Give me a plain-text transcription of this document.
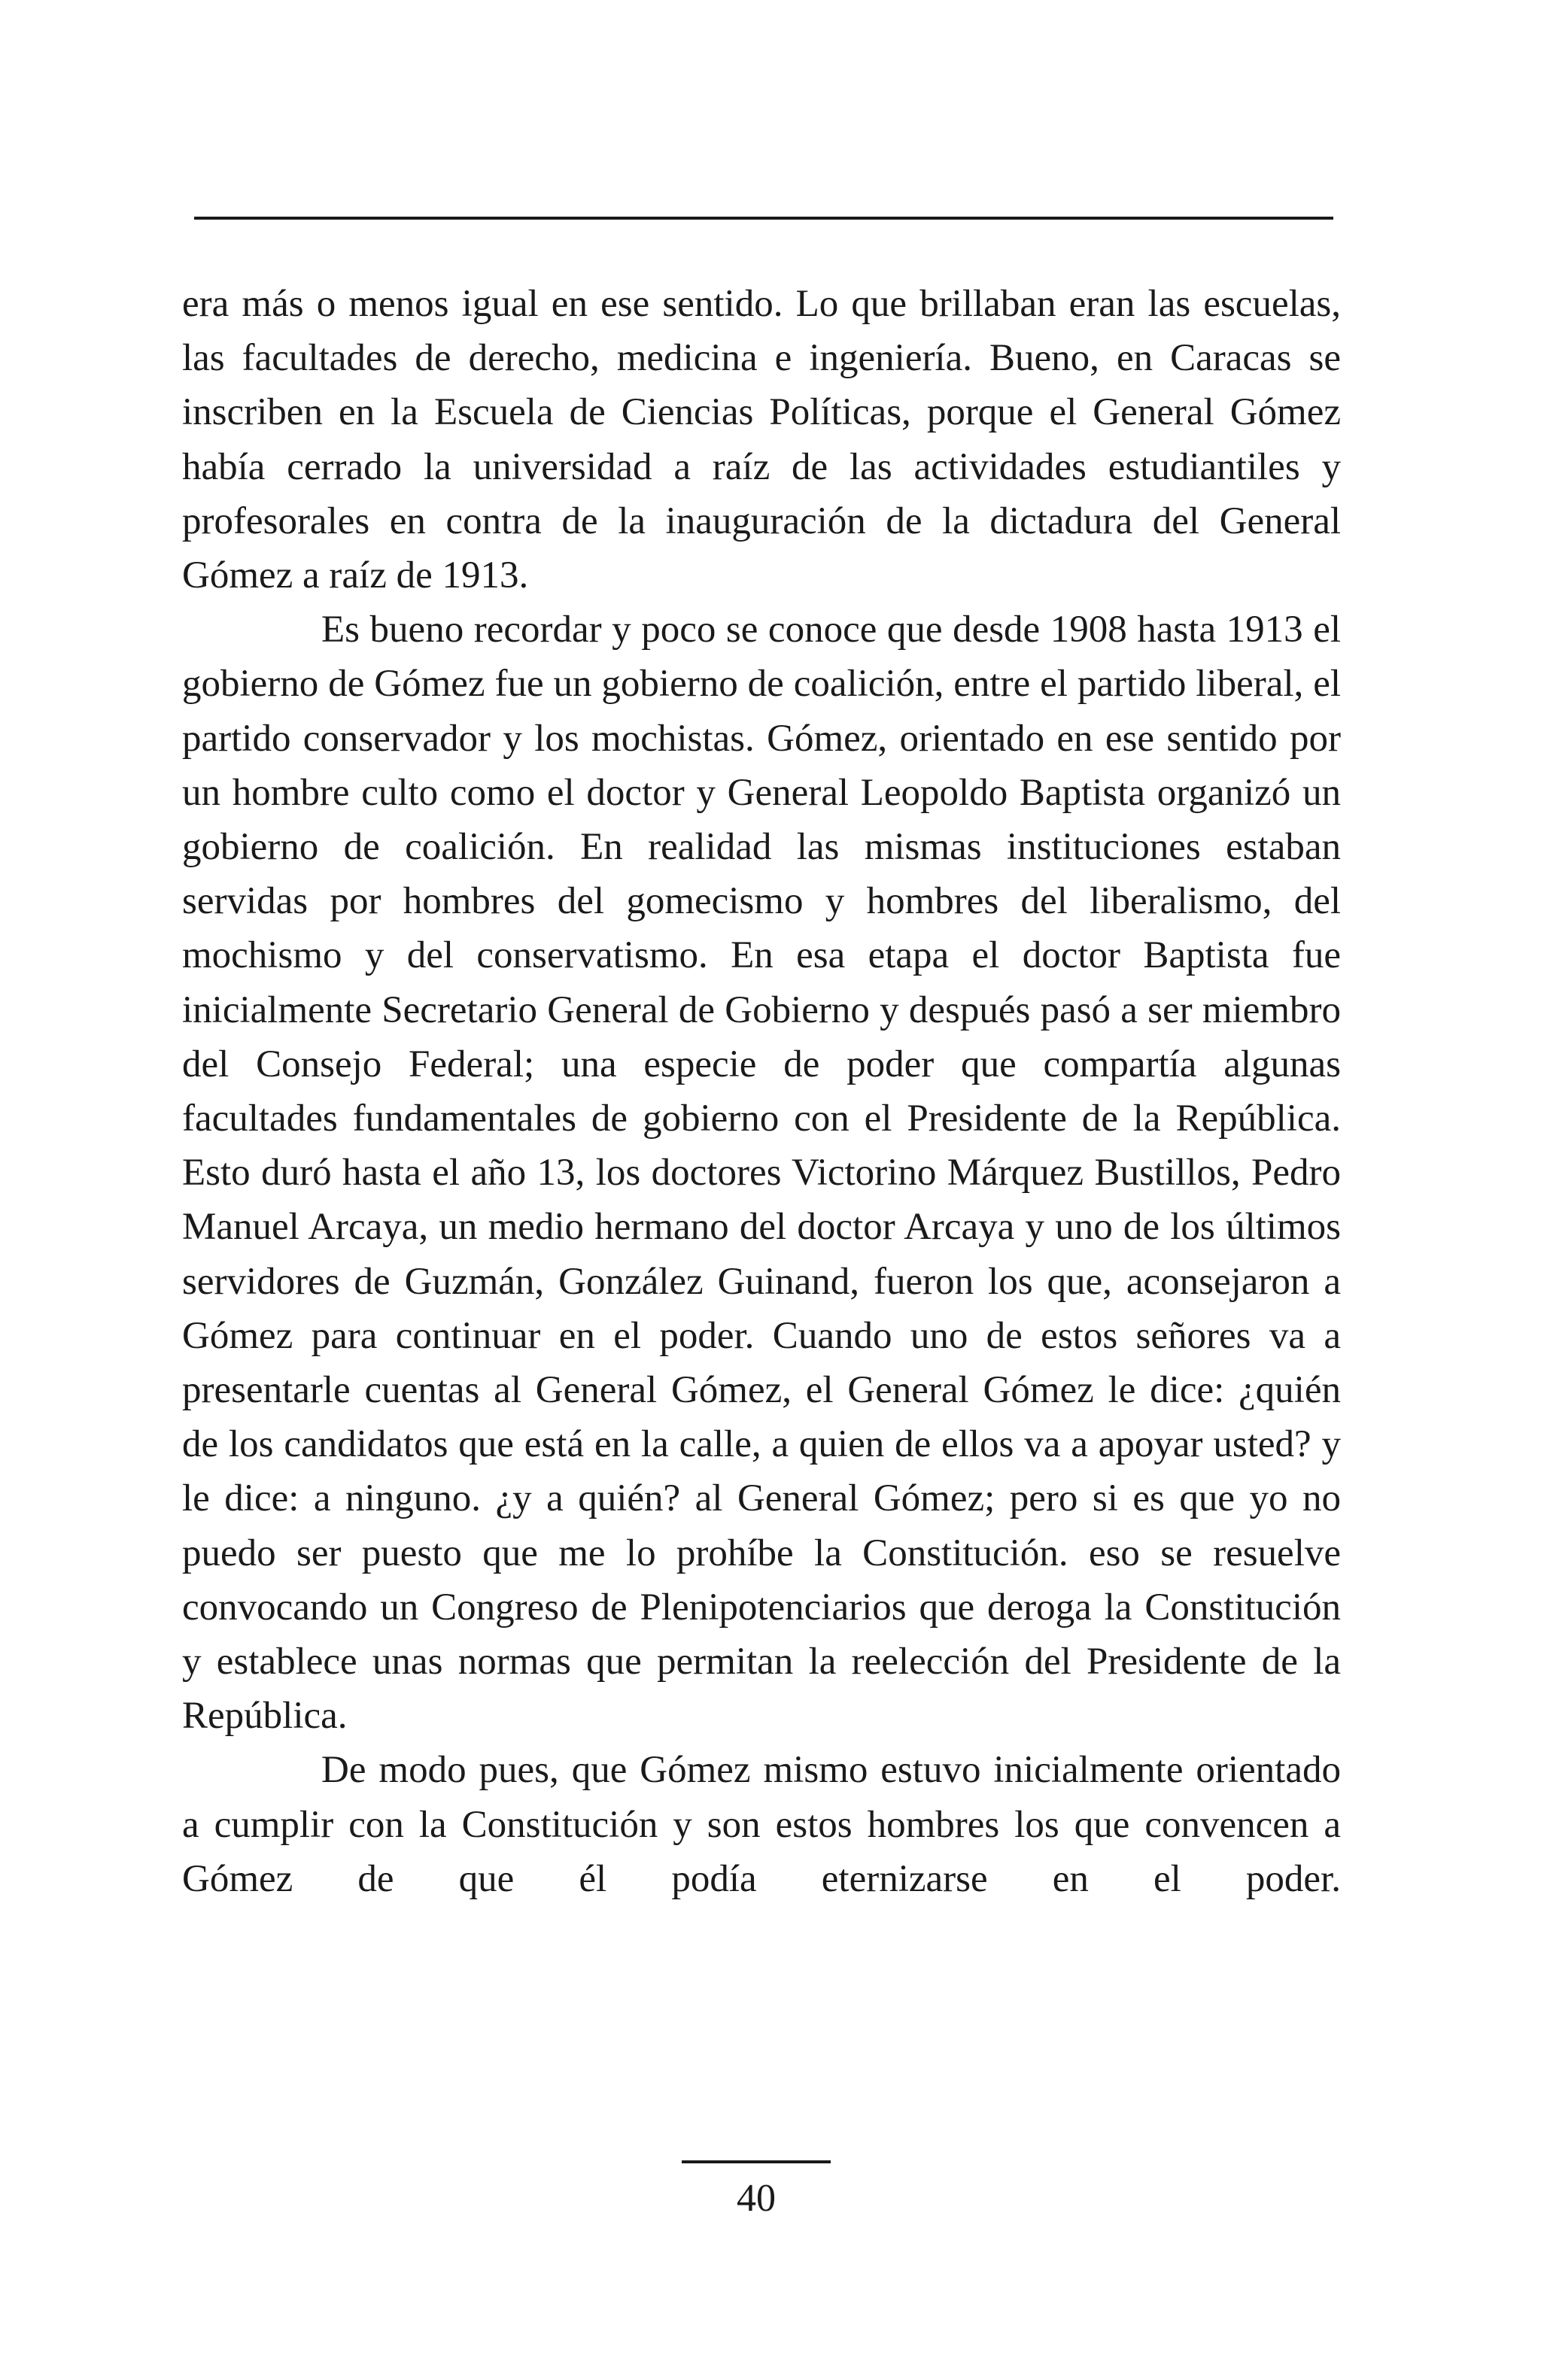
era más o menos igual en ese sentido. Lo que brillaban eran las escuelas, las facultades de derecho, medicina e ingeniería. Bueno, en Caracas se inscriben en la Escuela de Ciencias Políticas, porque el General Gómez había cerrado la universidad a raíz de las actividades estudiantiles y profesorales en contra de la inauguración de la dictadura del General Gómez a raíz de 1913.

Es bueno recordar y poco se conoce que desde 1908 hasta 1913 el gobierno de Gómez fue un gobierno de coalición, entre el partido liberal, el partido conservador y los mochistas. Gómez, orientado en ese sentido por un hombre culto como el doctor y General Leopoldo Baptista organizó un gobierno de coalición. En realidad las mismas instituciones estaban servidas por hombres del gomecismo y hombres del liberalismo, del mochismo y del conservatismo. En esa etapa el doctor Baptista fue inicialmente Secretario General de Gobierno y después pasó a ser miembro del Consejo Federal; una especie de poder que compartía algunas facultades fundamentales de gobierno con el Presidente de la República. Esto duró hasta el año 13, los doctores Victorino Márquez Bustillos, Pedro Manuel Arcaya, un medio hermano del doctor Arcaya y uno de los últimos servidores de Guzmán, González Guinand, fueron los que, aconsejaron a Gómez para continuar en el poder. Cuando uno de estos señores va a presentarle cuentas al General Gómez, el General Gómez le dice: ¿quién de los candidatos que está en la calle, a quien de ellos va a apoyar usted? y le dice: a ninguno. ¿y a quién? al General Gómez; pero si es que yo no puedo ser puesto que me lo prohíbe la Constitución. eso se resuelve convocando un Congreso de Plenipotenciarios que deroga la Constitución y establece unas normas que permitan la reelección del Presidente de la República.

De modo pues, que Gómez mismo estuvo inicialmente orientado a cumplir con la Constitución y son estos hombres los que convencen a Gómez de que él podía eternizarse en el poder.

40
